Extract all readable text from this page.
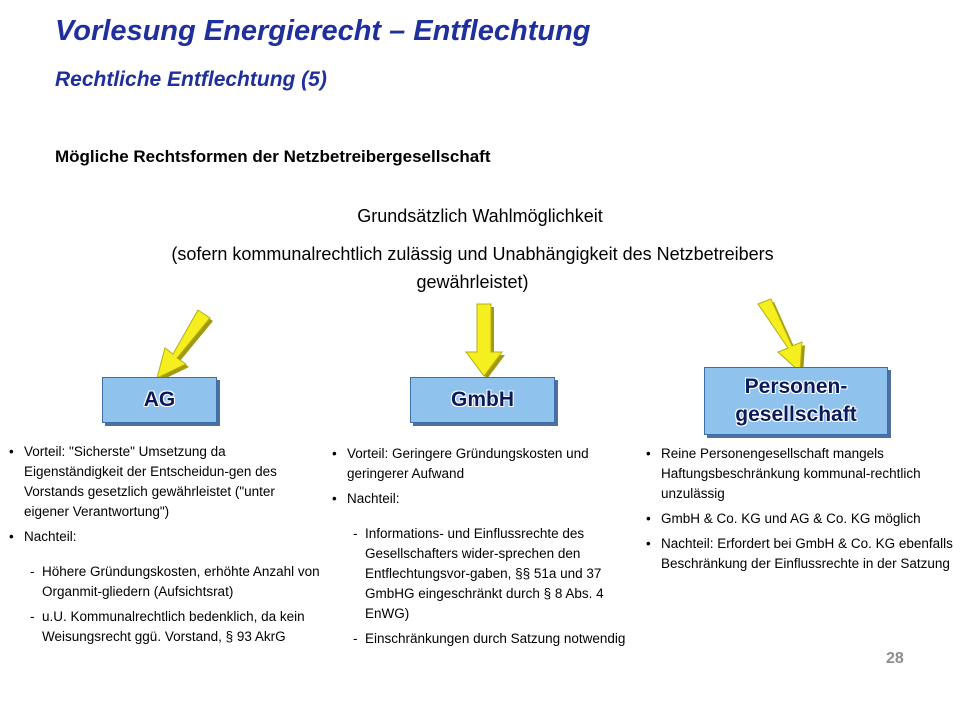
Vorlesung Energierecht – Entflechtung
Rechtliche Entflechtung (5)
Mögliche Rechtsformen der Netzbetreibergesellschaft
Grundsätzlich Wahlmöglichkeit
(sofern kommunalrechtlich zulässig und Unabhängigkeit des Netzbetreibers gewährleistet)
AG	GmbH
Personen-
gesellschaft
• Vorteil: "Sicherste" Umsetzung da Eigenständigkeit der Entscheidun-gen des Vorstands gesetzlich gewährleistet ("unter eigener Verantwortung")
• Nachteil:
- Höhere Gründungskosten, erhöhte Anzahl von Organmit-gliedern (Aufsichtsrat)
- u.U. Kommunalrechtlich bedenklich, da kein Weisungsrecht ggü. Vorstand, § 93 AkrG
• Vorteil: Geringere Gründungskosten und geringerer Aufwand
• Nachteil:
- Informations- und Einflussrechte des Gesellschafters wider-sprechen den Entflechtungsvor-gaben, §§ 51a und 37 GmbHG eingeschränkt durch § 8 Abs. 4 EnWG)
- Einschränkungen durch Satzung notwendig
• Reine Personengesellschaft mangels Haftungsbeschränkung kommunal-rechtlich unzulässig
• GmbH & Co. KG und AG & Co. KG möglich
• Nachteil: Erfordert bei GmbH & Co. KG ebenfalls Beschränkung der Einflussrechte in der Satzung
28
